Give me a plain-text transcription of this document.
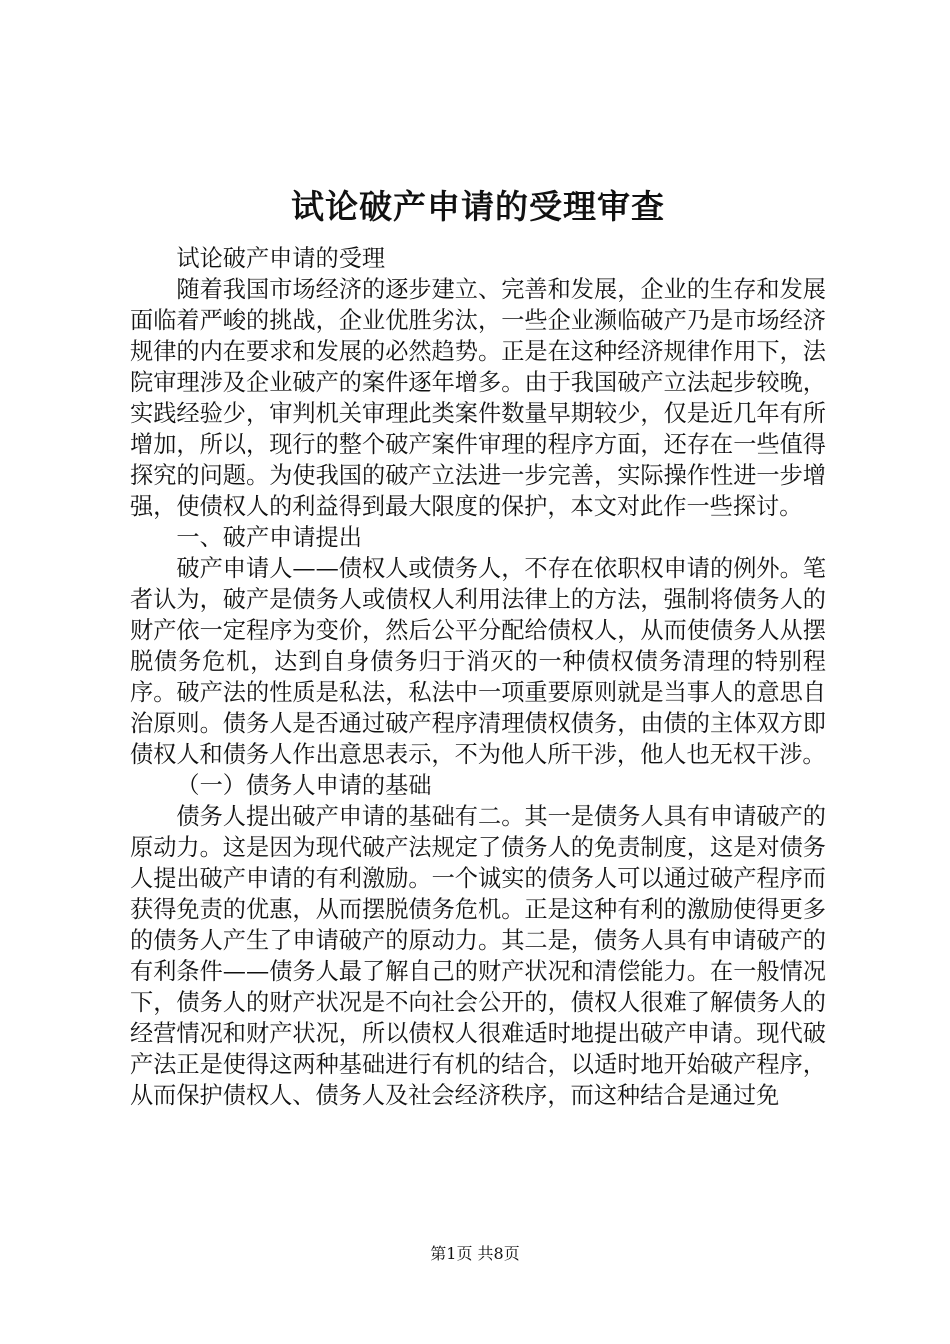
试论破产申请的受理审查

试论破产申请的受理

随着我国市场经济的逐步建立、完善和发展，企业的生存和发展面临着严峻的挑战，企业优胜劣汰，一些企业濒临破产乃是市场经济规律的内在要求和发展的必然趋势。正是在这种经济规律作用下，法院审理涉及企业破产的案件逐年增多。由于我国破产立法起步较晚，实践经验少，审判机关审理此类案件数量早期较少，仅是近几年有所增加，所以，现行的整个破产案件审理的程序方面，还存在一些值得探究的问题。为使我国的破产立法进一步完善，实际操作性进一步增强，使债权人的利益得到最大限度的保护，本文对此作一些探讨。

一、破产申请提出

破产申请人——债权人或债务人，不存在依职权申请的例外。笔者认为，破产是债务人或债权人利用法律上的方法，强制将债务人的财产依一定程序为变价，然后公平分配给债权人，从而使债务人从摆脱债务危机，达到自身债务归于消灭的一种债权债务清理的特别程序。破产法的性质是私法，私法中一项重要原则就是当事人的意思自治原则。债务人是否通过破产程序清理债权债务，由债的主体双方即债权人和债务人作出意思表示，不为他人所干涉，他人也无权干涉。

（一）债务人申请的基础

债务人提出破产申请的基础有二。其一是债务人具有申请破产的原动力。这是因为现代破产法规定了债务人的免责制度，这是对债务人提出破产申请的有利激励。一个诚实的债务人可以通过破产程序而获得免责的优惠，从而摆脱债务危机。正是这种有利的激励使得更多的债务人产生了申请破产的原动力。其二是，债务人具有申请破产的有利条件——债务人最了解自己的财产状况和清偿能力。在一般情况下，债务人的财产状况是不向社会公开的，债权人很难了解债务人的经营情况和财产状况，所以债权人很难适时地提出破产申请。现代破产法正是使得这两种基础进行有机的结合，以适时地开始破产程序，从而保护债权人、债务人及社会经济秩序，而这种结合是通过免

第1页 共8页
